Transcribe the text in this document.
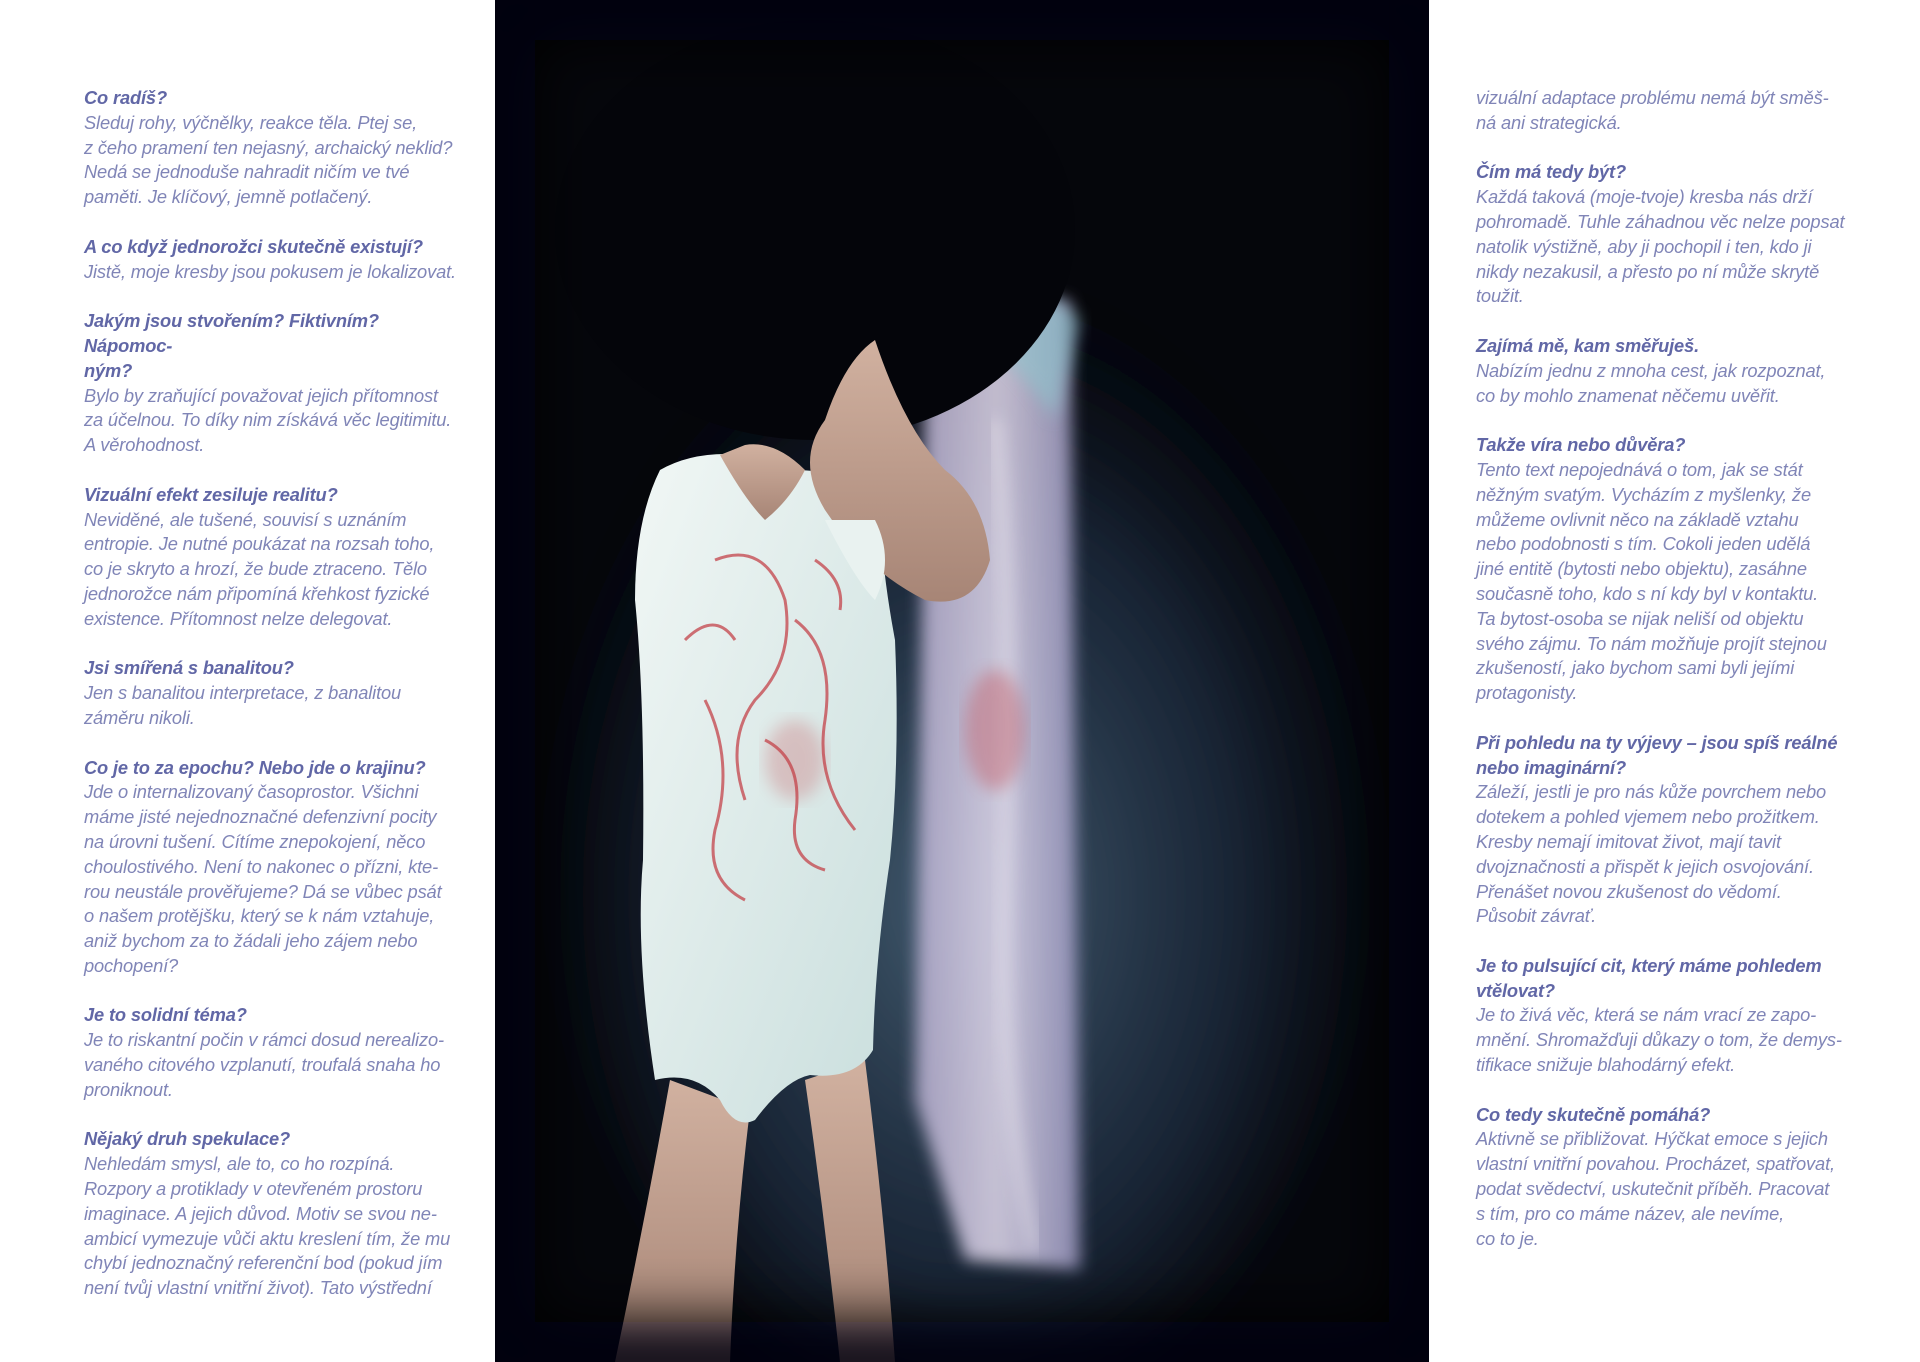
Co radíš?
Sleduj rohy, výčnělky, reakce těla. Ptej se,
z čeho pramení ten nejasný, archaický neklid?
Nedá se jednoduše nahradit ničím ve tvé
paměti. Je klíčový, jemně potlačený.
A co když jednorožci skutečně existují?
Jistě, moje kresby jsou pokusem je lokalizovat.
Jakým jsou stvořením? Fiktivním? Nápomoc-
ným?
Bylo by zraňující považovat jejich přítomnost
za účelnou. To díky nim získává věc legitimitu.
A věrohodnost.
Vizuální efekt zesiluje realitu?
Neviděné, ale tušené, souvisí s uznáním
entropie. Je nutné poukázat na rozsah toho,
co je skryto a hrozí, že bude ztraceno. Tělo
jednorožce nám připomíná křehkost fyzické
existence. Přítomnost nelze delegovat.
Jsi smířená s banalitou?
Jen s banalitou interpretace, z banalitou
záměru nikoli.
Co je to za epochu? Nebo jde o krajinu?
Jde o internalizovaný časoprostor. Všichni
máme jisté nejednoznačné defenzivní pocity
na úrovni tušení. Cítíme znepokojení, něco
choulostivého. Není to nakonec o přízni, kte-
rou neustále prověřujeme? Dá se vůbec psát
o našem protějšku, který se k nám vztahuje,
aniž bychom za to žádali jeho zájem nebo
pochopení?
Je to solidní téma?
Je to riskantní počin v rámci dosud nerealizo-
vaného citového vzplanutí, troufalá snaha ho
proniknout.
Nějaký druh spekulace?
Nehledám smysl, ale to, co ho rozpíná.
Rozpory a protiklady v otevřeném prostoru
imaginace. A jejich důvod. Motiv se svou ne-
ambicí vymezuje vůči aktu kreslení tím, že mu
chybí jednoznačný referenční bod (pokud jím
není tvůj vlastní vnitřní život). Tato výstřední
vizuální adaptace problému nemá být směš-
ná ani strategická.
Čím má tedy být?
Každá taková (moje-tvoje) kresba nás drží
pohromadě. Tuhle záhadnou věc nelze popsat
natolik výstižně, aby ji pochopil i ten, kdo ji
nikdy nezakusil, a přesto po ní může skrytě
toužit.
Zajímá mě, kam směřuješ.
Nabízím jednu z mnoha cest, jak rozpoznat,
co by mohlo znamenat něčemu uvěřit.
Takže víra nebo důvěra?
Tento text nepojednává o tom, jak se stát
něžným svatým. Vycházím z myšlenky, že
můžeme ovlivnit něco na základě vztahu
nebo podobnosti s tím. Cokoli jeden udělá
jiné entitě (bytosti nebo objektu), zasáhne
současně toho, kdo s ní kdy byl v kontaktu.
Ta bytost-osoba se nijak neliší od objektu
svého zájmu. To nám možňuje projít stejnou
zkušeností, jako bychom sami byli jejími
protagonisty.
Při pohledu na ty výjevy – jsou spíš reálné
nebo imaginární?
Záleží, jestli je pro nás kůže povrchem nebo
dotekem a pohled vjemem nebo prožitkem.
Kresby nemají imitovat život, mají tavit
dvojznačnosti a přispět k jejich osvojování.
Přenášet novou zkušenost do vědomí.
Působit závrať.
Je to pulsující cit, který máme pohledem
vtělovat?
Je to živá věc, která se nám vrací ze zapo-
mnění. Shromažďuji důkazy o tom, že demys-
tifikace snižuje blahodárný efekt.
Co tedy skutečně pomáhá?
Aktivně se přibližovat. Hýčkat emoce s jejich
vlastní vnitřní povahou. Procházet, spatřovat,
podat svědectví, uskutečnit příběh. Pracovat
s tím, pro co máme název, ale nevíme,
co to je.
